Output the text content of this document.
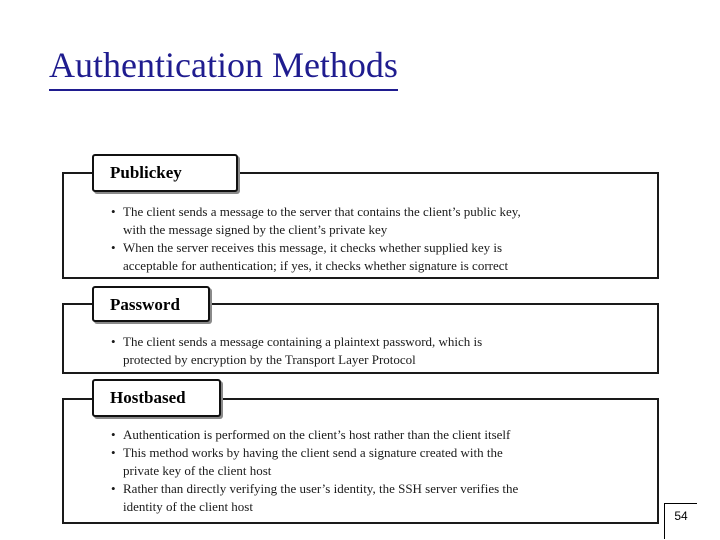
Authentication Methods
• The client sends a message to the server that contains the client’s public key,
with the message signed by the client’s private key
• When the server receives this message, it checks whether supplied key is
acceptable for authentication; if yes, it checks whether signature is correct
Publickey
• The client sends a message containing a plaintext password, which is
protected by encryption by the Transport Layer Protocol
Password
• Authentication is performed on the client’s host rather than the client itself
• This method works by having the client send a signature created with the
private key of the client host
• Rather than directly verifying the user’s identity, the SSH server verifies the
identity of the client host
Hostbased
54
